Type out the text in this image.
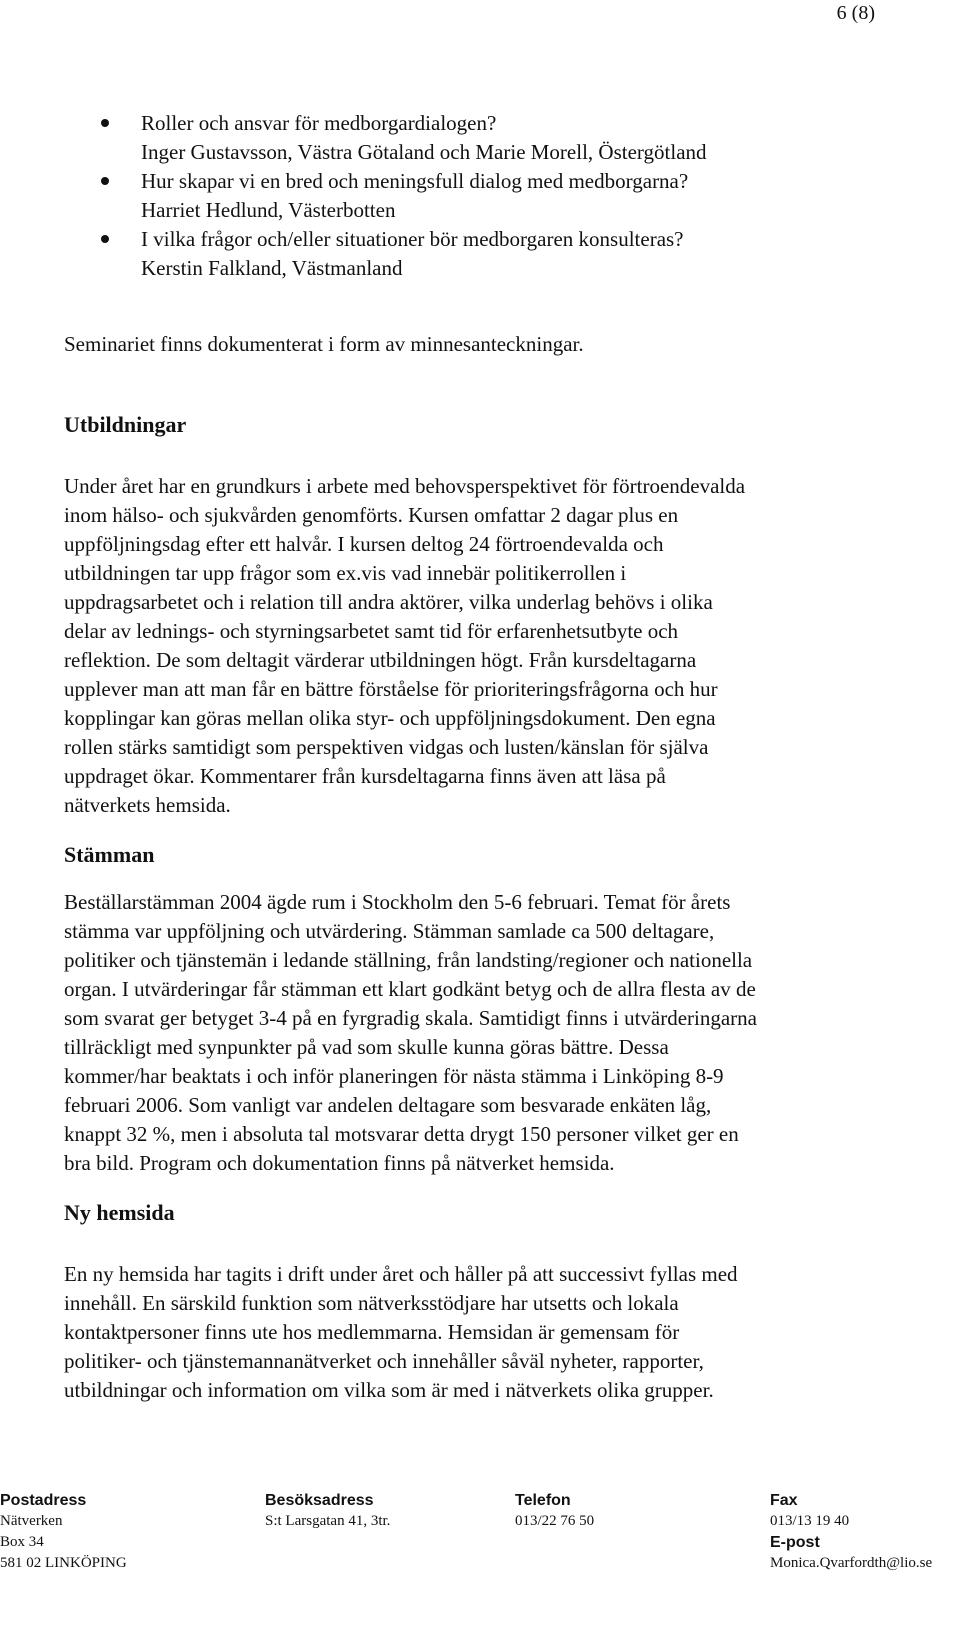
6 (8)
Roller och ansvar för medborgardialogen?
Inger Gustavsson, Västra Götaland och Marie Morell, Östergötland
Hur skapar vi en bred och meningsfull dialog med medborgarna?
Harriet Hedlund, Västerbotten
I vilka frågor och/eller situationer bör medborgaren konsulteras?
Kerstin Falkland, Västmanland
Seminariet finns dokumenterat i form av minnesanteckningar.
Utbildningar
Under året har en grundkurs i arbete med behovsperspektivet för förtroendevalda
inom hälso- och sjukvården genomförts. Kursen omfattar 2 dagar plus en
uppföljningsdag efter ett halvår. I kursen deltog 24 förtroendevalda och
utbildningen tar upp frågor som ex.vis vad innebär politikerrollen i
uppdragsarbetet och i relation till andra aktörer, vilka underlag behövs i olika
delar av lednings- och styrningsarbetet samt tid för erfarenhetsutbyte och
reflektion. De som deltagit värderar utbildningen högt. Från kursdeltagarna
upplever man att man får en bättre förståelse för prioriteringsfrågorna och hur
kopplingar kan göras mellan olika styr- och uppföljningsdokument. Den egna
rollen stärks samtidigt som perspektiven vidgas och lusten/känslan för själva
uppdraget ökar. Kommentarer från kursdeltagarna finns även att läsa på
nätverkets hemsida.
Stämman
Beställarstämman 2004 ägde rum i Stockholm den 5-6 februari. Temat för årets
stämma var uppföljning och utvärdering. Stämman samlade ca 500 deltagare,
politiker och tjänstemän i ledande ställning, från landsting/regioner och nationella
organ. I utvärderingar får stämman ett klart godkänt betyg och de allra flesta av de
som svarat ger betyget 3-4 på en fyrgradig skala. Samtidigt finns i utvärderingarna
tillräckligt med synpunkter på vad som skulle kunna göras bättre. Dessa
kommer/har beaktats i och inför planeringen för nästa stämma i Linköping 8-9
februari 2006. Som vanligt var andelen deltagare som besvarade enkäten låg,
knappt 32 %, men i absoluta tal motsvarar detta drygt 150 personer vilket ger en
bra bild. Program och dokumentation finns på nätverket hemsida.
Ny hemsida
En ny hemsida har tagits i drift under året och håller på att successivt fyllas med
innehåll. En särskild funktion som nätverksstödjare har utsetts och lokala
kontaktpersoner finns ute hos medlemmarna. Hemsidan är gemensam för
politiker- och tjänstemannanätverket och innehåller såväl nyheter, rapporter,
utbildningar och information om vilka som är med i nätverkets olika grupper.
Postadress
Nätverken
Box 34
581 02 LINKÖPING
Besöksadress
S:t Larsgatan 41, 3tr.
Telefon
013/22 76 50
Fax
013/13 19 40
E-post
Monica.Qvarfordth@lio.se
